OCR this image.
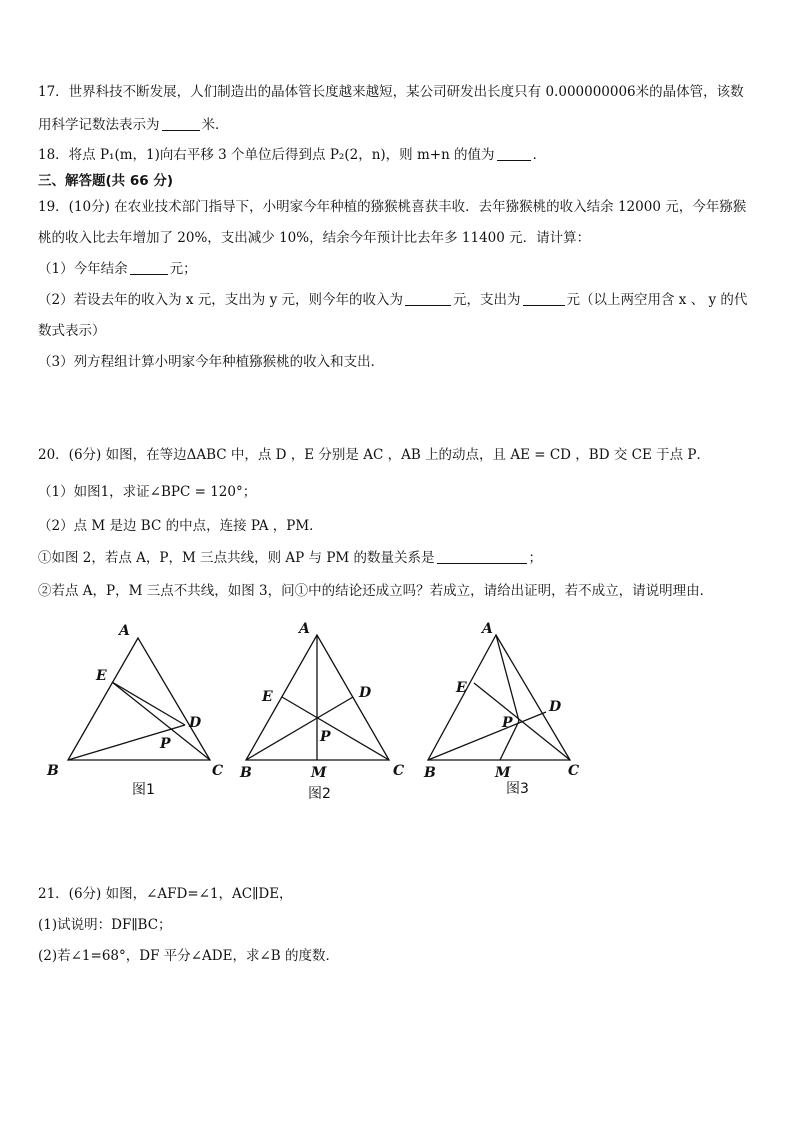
17．世界科技不断发展，人们制造出的晶体管长度越来越短，某公司研发出长度只有 0.000000006米的晶体管，该数
用科学记数法表示为	米．
18．将点 P₁(m，1)向右平移 3 个单位后得到点 P₂(2，n)，则 m+n 的值为	．
三、解答题(共 66 分)
19．(10分) 在农业技术部门指导下，小明家今年种植的猕猴桃喜获丰收．去年猕猴桃的收入结余 12000 元，今年猕猴
桃的收入比去年增加了 20%，支出减少 10%，结余今年预计比去年多 11400 元．请计算：
（1）今年结余	元；
（2）若设去年的收入为 x 元，支出为 y 元，则今年的收入为	元，支出为	元（以上两空用含 x 、 y 的代
数式表示）
（3）列方程组计算小明家今年种植猕猴桃的收入和支出．
20．(6分) 如图，在等边ΔABC 中，点 D ，E 分别是 AC ，AB 上的动点，且 AE = CD ，BD 交 CE 于点 P．
（1）如图1，求证∠BPC = 120°；
（2）点 M 是边 BC 的中点，连接 PA ，PM．
①如图 2，若点 A，P，M 三点共线，则 AP 与 PM 的数量关系是	；
②若点 A，P，M 三点不共线，如图 3，问①中的结论还成立吗？若成立，请给出证明，若不成立，请说明理由．
A
E
D
P
B	C
图1
A
E	D
P
B	M	C
图2
A
E
D
P
B	M	C
图3
21．(6分) 如图，∠AFD=∠1，AC∥DE，
(1)试说明：DF∥BC；
(2)若∠1=68°，DF 平分∠ADE，求∠B 的度数．
